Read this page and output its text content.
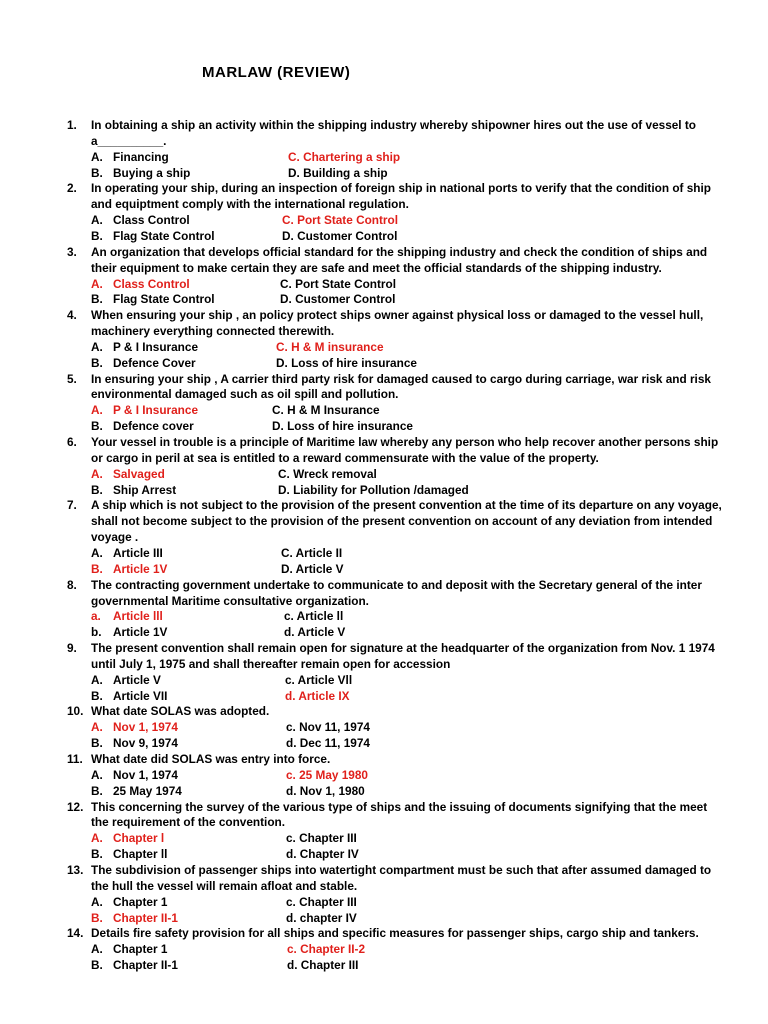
MARLAW (REVIEW)
1. In obtaining a ship an activity within the shipping industry whereby shipowner hires out the use of vessel to
a__________.
A. Financing	C. Chartering a ship
B. Buying a ship	D. Building a ship
2. In operating your ship, during an inspection of foreign ship in national ports to verify that the condition of ship
and equiptment comply with the international regulation.
A. Class Control	C. Port State Control
B. Flag State Control	D. Customer Control
3. An organization that develops official standard for the shipping industry and check the condition of ships and
their equipment to make certain they are safe and meet the official standards of the shipping industry.
A. Class Control	C. Port State Control
B. Flag State Control	D. Customer Control
4. When ensuring your ship , an policy protect ships owner against physical loss or damaged to the vessel hull,
machinery everything connected therewith.
A. P & I Insurance	C. H & M insurance
B. Defence Cover	D. Loss of hire insurance
5. In ensuring your ship , A carrier third party risk for damaged caused to cargo during carriage, war risk and risk
environmental damaged such as oil spill and pollution.
A. P & I Insurance	C. H & M Insurance
B. Defence cover	D. Loss of hire insurance
6. Your vessel in trouble is a principle of Maritime law whereby any person who help recover another persons ship
or cargo in peril at sea is entitled to a reward commensurate with the value of the property.
A. Salvaged	C. Wreck removal
B. Ship Arrest	D. Liability for Pollution /damaged
7. A ship which is not subject to the provision of the present convention at the time of its departure on any voyage,
shall not become subject to the provision of the present convention on account of any deviation from intended
voyage .
A. Article III	C. Article II
B. Article 1V	D. Article V
8. The contracting government undertake to communicate to and deposit with the Secretary general of the inter
governmental Maritime consultative organization.
a. Article lll	c. Article ll
b. Article 1V	d. Article V
9. The present convention shall remain open for signature at the headquarter of the organization from Nov. 1 1974
until July 1, 1975 and shall thereafter remain open for accession
A. Article V	c. Article Vll
B. Article VII	d. Article IX
10. What date SOLAS was adopted.
A. Nov 1, 1974	c. Nov 11, 1974
B. Nov 9, 1974	d. Dec 11, 1974
11. What date did SOLAS was entry into force.
A. Nov 1, 1974	c. 25 May 1980
B. 25 May 1974	d. Nov 1, 1980
12. This concerning the survey of the various type of ships and the issuing of documents signifying that the meet
the requirement of the convention.
A. Chapter l	c. Chapter III
B. Chapter ll	d. Chapter IV
13. The subdivision of passenger ships into watertight compartment must be such that after assumed damaged to
the hull the vessel will remain afloat and stable.
A. Chapter 1	c. Chapter III
B. Chapter II-1	d. chapter IV
14. Details fire safety provision for all ships and specific measures for passenger ships, cargo ship and tankers.
A. Chapter 1	c. Chapter II-2
B. Chapter II-1	d. Chapter III
